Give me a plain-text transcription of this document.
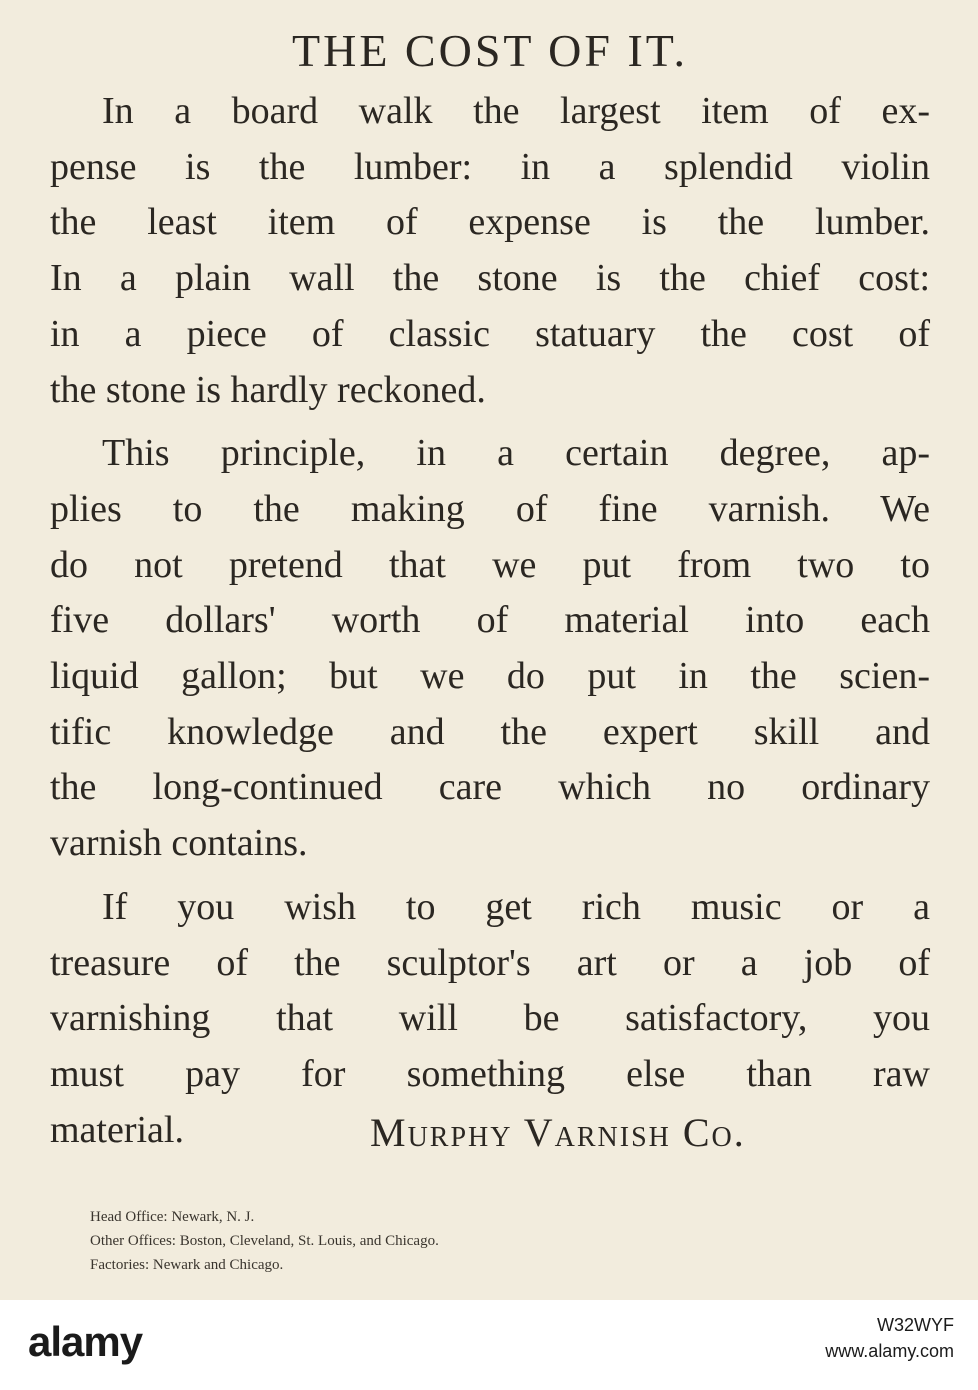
THE COST OF IT.
In a board walk the largest item of ex-
pense is the lumber: in a splendid violin
the least item of expense is the lumber.
In a plain wall the stone is the chief cost:
in a piece of classic statuary the cost of
the stone is hardly reckoned.
This principle, in a certain degree, ap-
plies to the making of fine varnish. We
do not pretend that we put from two to
five dollars' worth of material into each
liquid gallon; but we do put in the scien-
tific knowledge and the expert skill and
the long-continued care which no ordinary
varnish contains.
If you wish to get rich music or a
treasure of the sculptor's art or a job of
varnishing that will be satisfactory, you
must pay for something else than raw
material.	Murphy Varnish Co.
Head Office: Newark, N. J.
Other Offices: Boston, Cleveland, St. Louis, and Chicago.
Factories: Newark and Chicago.
alamy	W32WYF
www.alamy.com
